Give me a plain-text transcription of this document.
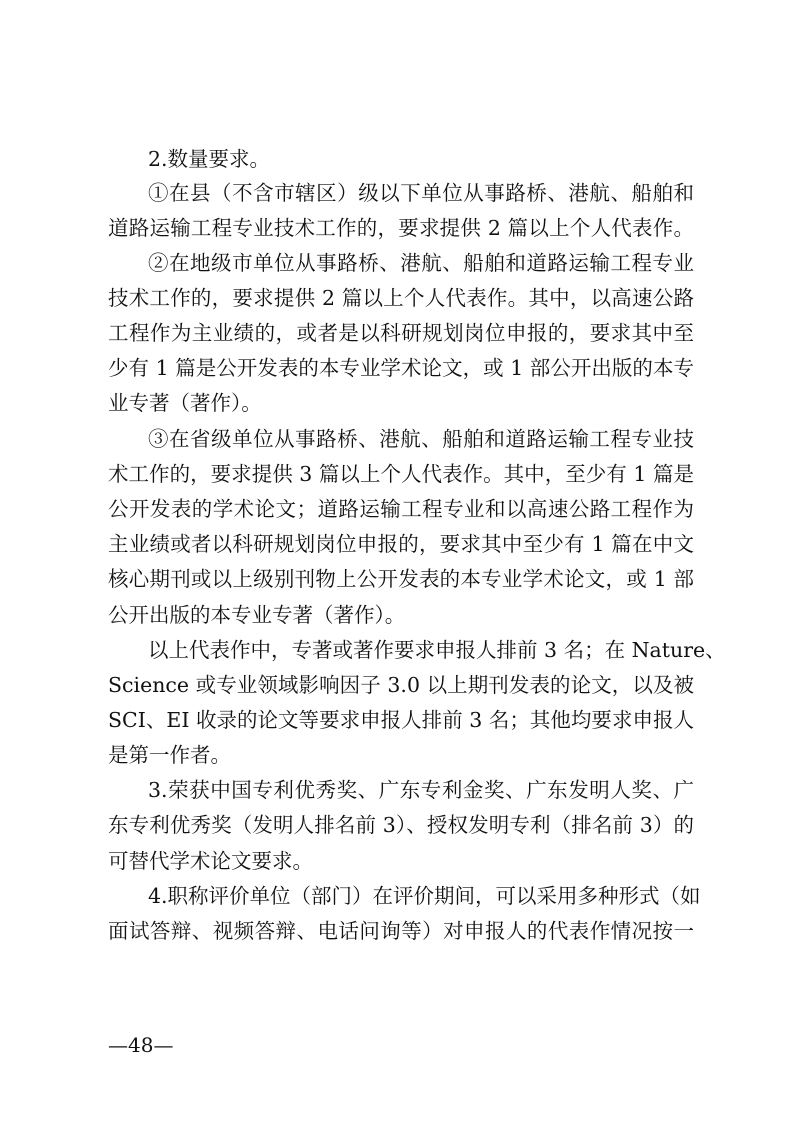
2.数量要求。
①在县（不含市辖区）级以下单位从事路桥、港航、船舶和
道路运输工程专业技术工作的，要求提供 2 篇以上个人代表作。
②在地级市单位从事路桥、港航、船舶和道路运输工程专业
技术工作的，要求提供 2 篇以上个人代表作。其中，以高速公路
工程作为主业绩的，或者是以科研规划岗位申报的，要求其中至
少有 1 篇是公开发表的本专业学术论文，或 1 部公开出版的本专
业专著（著作）。
③在省级单位从事路桥、港航、船舶和道路运输工程专业技
术工作的，要求提供 3 篇以上个人代表作。其中，至少有 1 篇是
公开发表的学术论文；道路运输工程专业和以高速公路工程作为
主业绩或者以科研规划岗位申报的，要求其中至少有 1 篇在中文
核心期刊或以上级别刊物上公开发表的本专业学术论文，或 1 部
公开出版的本专业专著（著作）。
以上代表作中，专著或著作要求申报人排前 3 名；在 Nature、
Science 或专业领域影响因子 3.0 以上期刊发表的论文，以及被
SCI、EI 收录的论文等要求申报人排前 3 名；其他均要求申报人
是第一作者。
3.荣获中国专利优秀奖、广东专利金奖、广东发明人奖、广
东专利优秀奖（发明人排名前 3）、授权发明专利（排名前 3）的
可替代学术论文要求。
4.职称评价单位（部门）在评价期间，可以采用多种形式（如
面试答辩、视频答辩、电话问询等）对申报人的代表作情况按一
—48—
